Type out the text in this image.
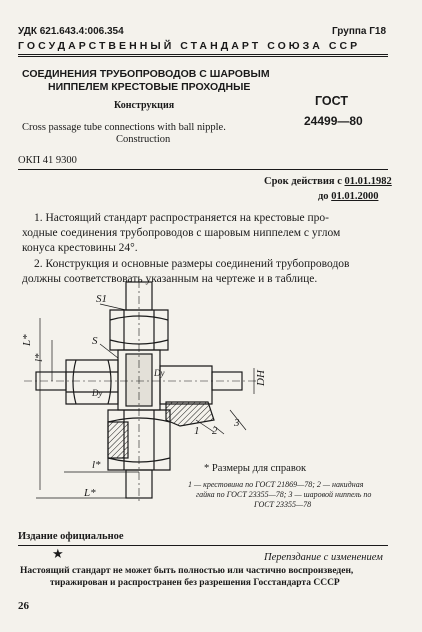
УДК 621.643.4:006.354	Группа Г18
ГОСУДАРСТВЕННЫЙ СТАНДАРТ СОЮЗА ССР
СОЕДИНЕНИЯ ТРУБОПРОВОДОВ С ШАРОВЫМ
НИППЕЛЕМ КРЕСТОВЫЕ ПРОХОДНЫЕ
Конструкция
Cross passage tube connections with ball nipple.
Construction
ГОСТ
24499—80
ОКП 41 9300
Срок действия с 01.01.1982
до 01.01.2000
1. Настоящий стандарт распространяется на крестовые про-
ходные соединения трубопроводов с шаровым ниппелем с углом
конуса крестовины 24°.
2. Конструкция и основные размеры соединений трубопроводов
должны соответствовать указанным на чертеже и в таблице.
S1
S
l*
L*
Dy	DH
Dy
1 2
3
l*
L*
* Размеры для справок
1 — крестовина по ГОСТ 21869—78; 2 — накидная
гайка по ГОСТ 23355—78; 3 — шаровой ниппель по
ГОСТ 23355—78
Издание официальное
★	Перепздание с изменением
Настоящий стандарт не может быть полностью или частично воспроизведен,
тиражирован и распространен без разрешения Госстандарта СССР
26
